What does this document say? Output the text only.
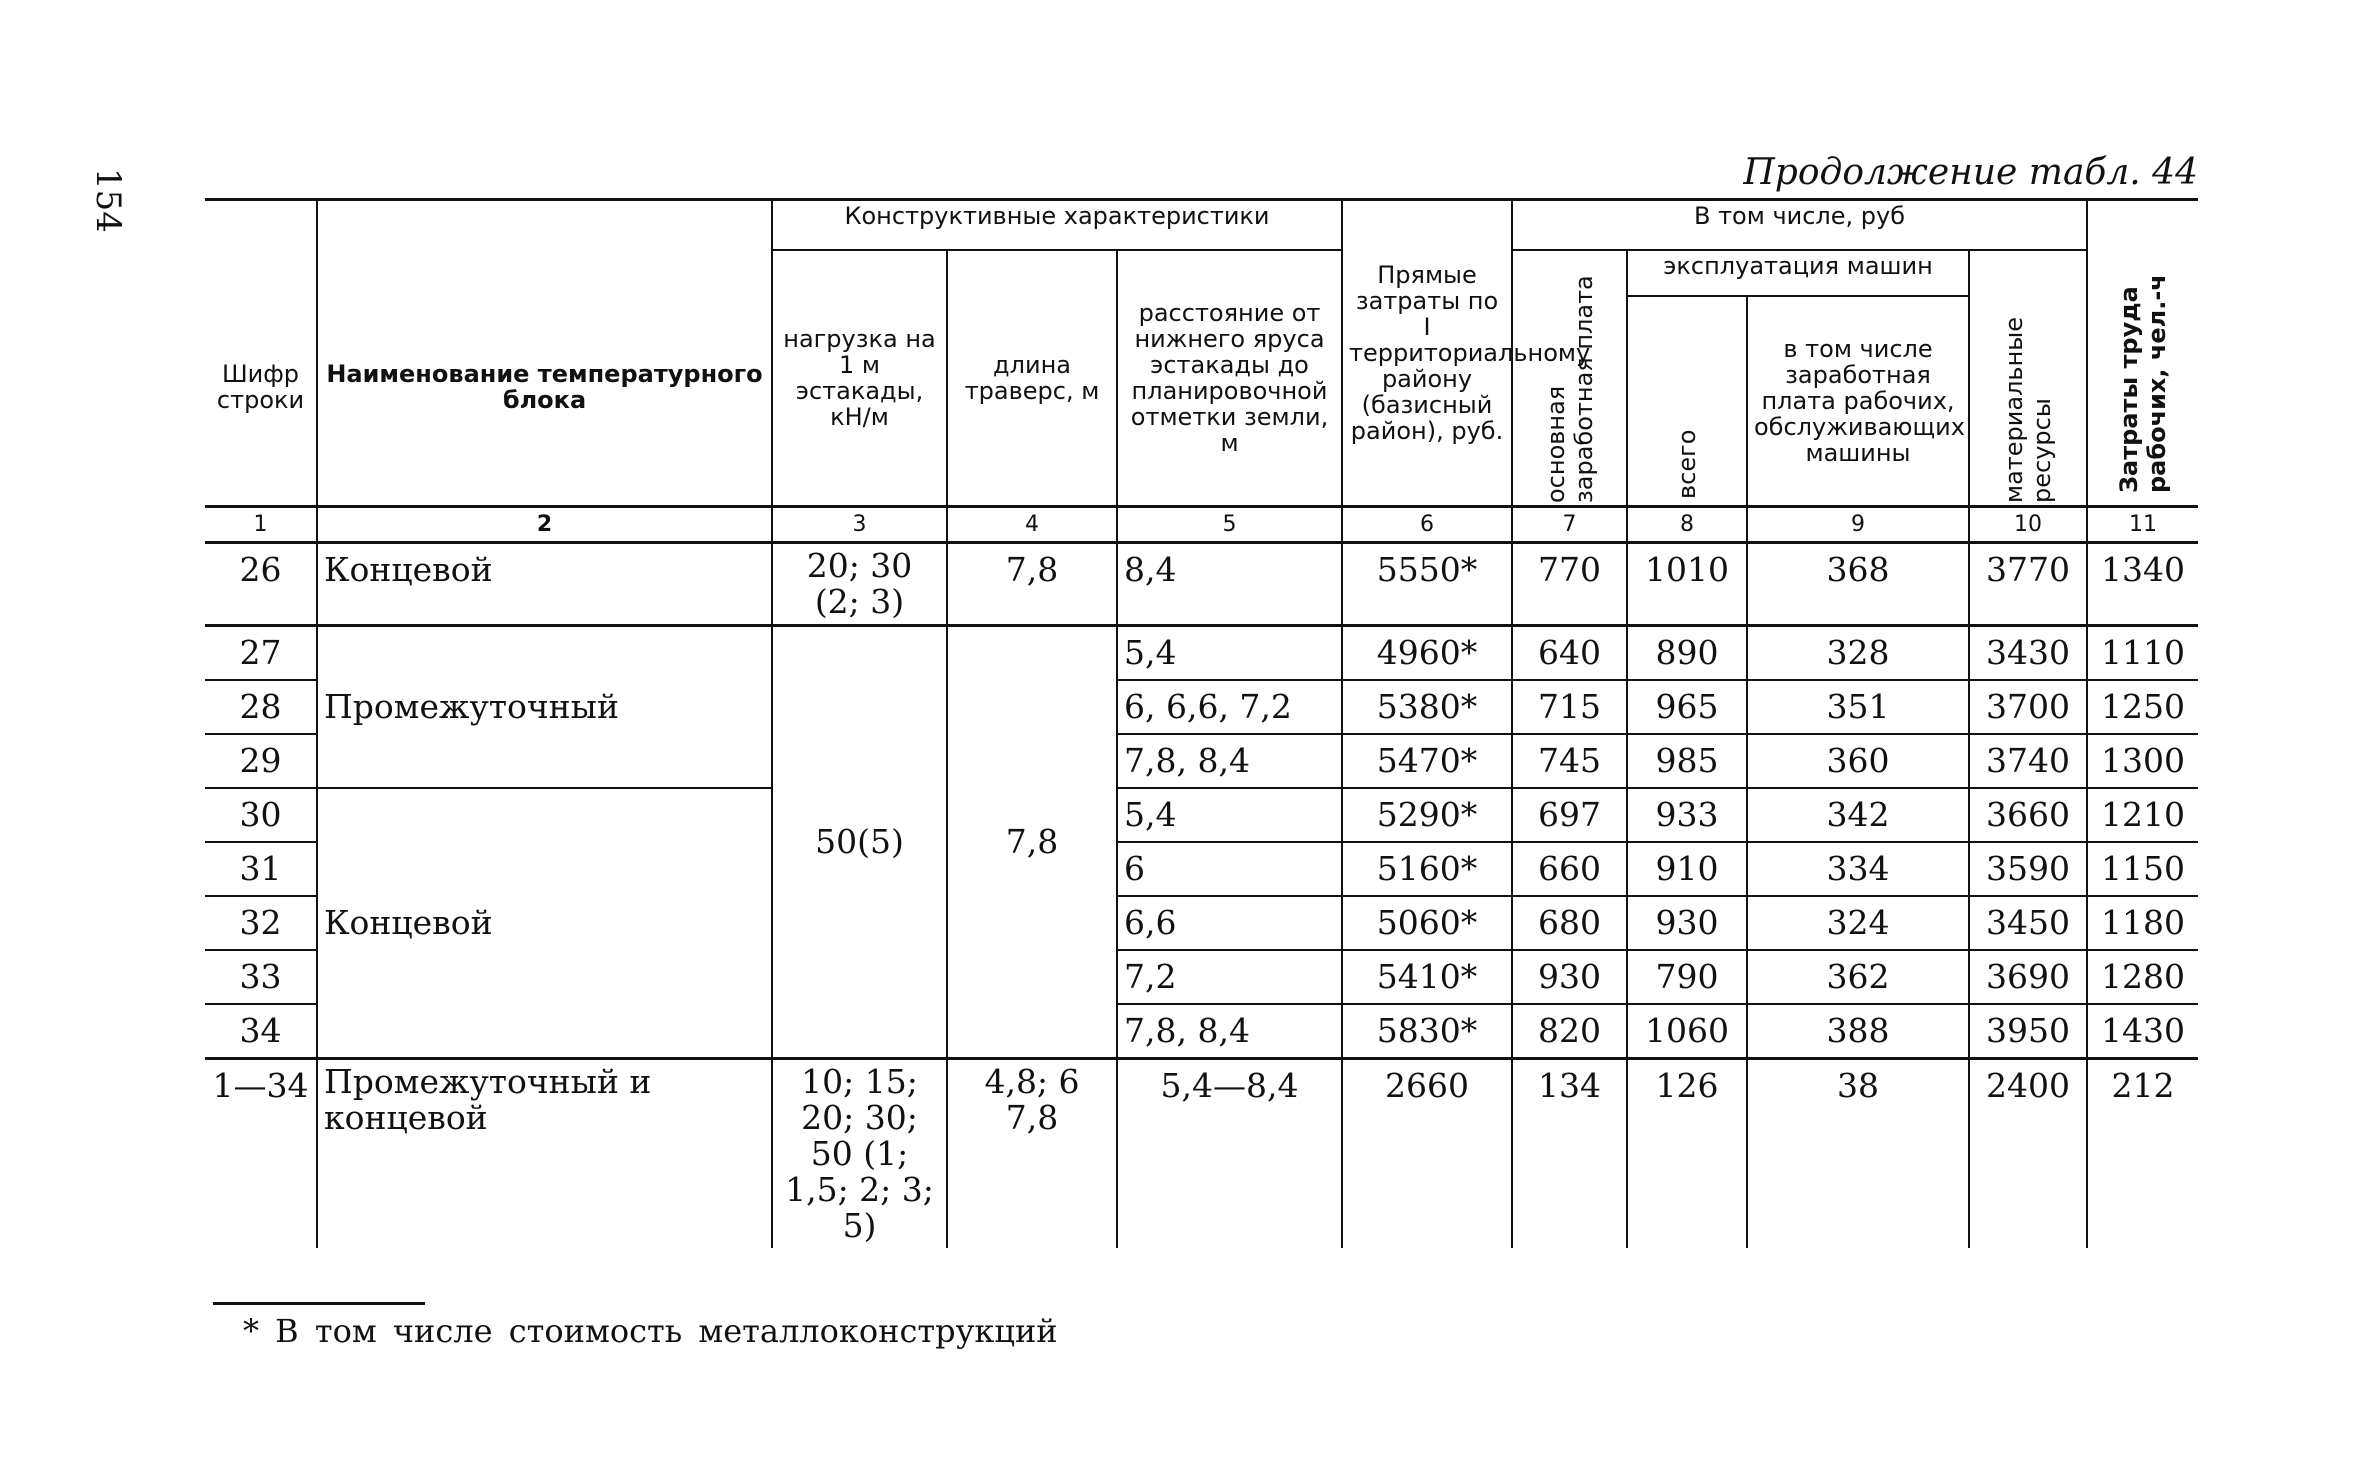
154	Продолжение табл. 44
Шифр строки	Наименование температурного блока	Конструктивные характеристики			Прямые затраты по I территориальному району (базисный район), руб.	В том числе, руб				Затраты труда рабочих, чел.-ч

		нагрузка на 1 м эстакады, кН/м	длина траверс, м	расстояние от нижнего яруса эстакады до планировочной отметки земли, м		основная заработная плата	эксплуатация машин		материальные ресурсы	

							всего	в том числе заработная плата рабочих, обслуживающих машины		
1	2	3	4	5	6	7	8	9	10	11
26	Концевой	20; 30 (2; 3)	7,8	8,4	5550*	770	1010	368	3770	1340
27	Промежуточный	50(5)	7,8	5,4	4960*	640	890	328	3430	1110
28				6, 6,6, 7,2	5380*	715	965	351	3700	1250
29				7,8, 8,4	5470*	745	985	360	3740	1300
30	Концевой			5,4	5290*	697	933	342	3660	1210
31				6	5160*	660	910	334	3590	1150
32				6,6	5060*	680	930	324	3450	1180
33				7,2	5410*	930	790	362	3690	1280
34				7,8, 8,4	5830*	820	1060	388	3950	1430
1—34	Промежуточный и концевой	10; 15; 20; 30; 50 (1; 1,5; 2; 3; 5)	4,8; 6 7,8	5,4—8,4	2660	134	126	38	2400	212
* В том числе стоимость металлоконструкций
